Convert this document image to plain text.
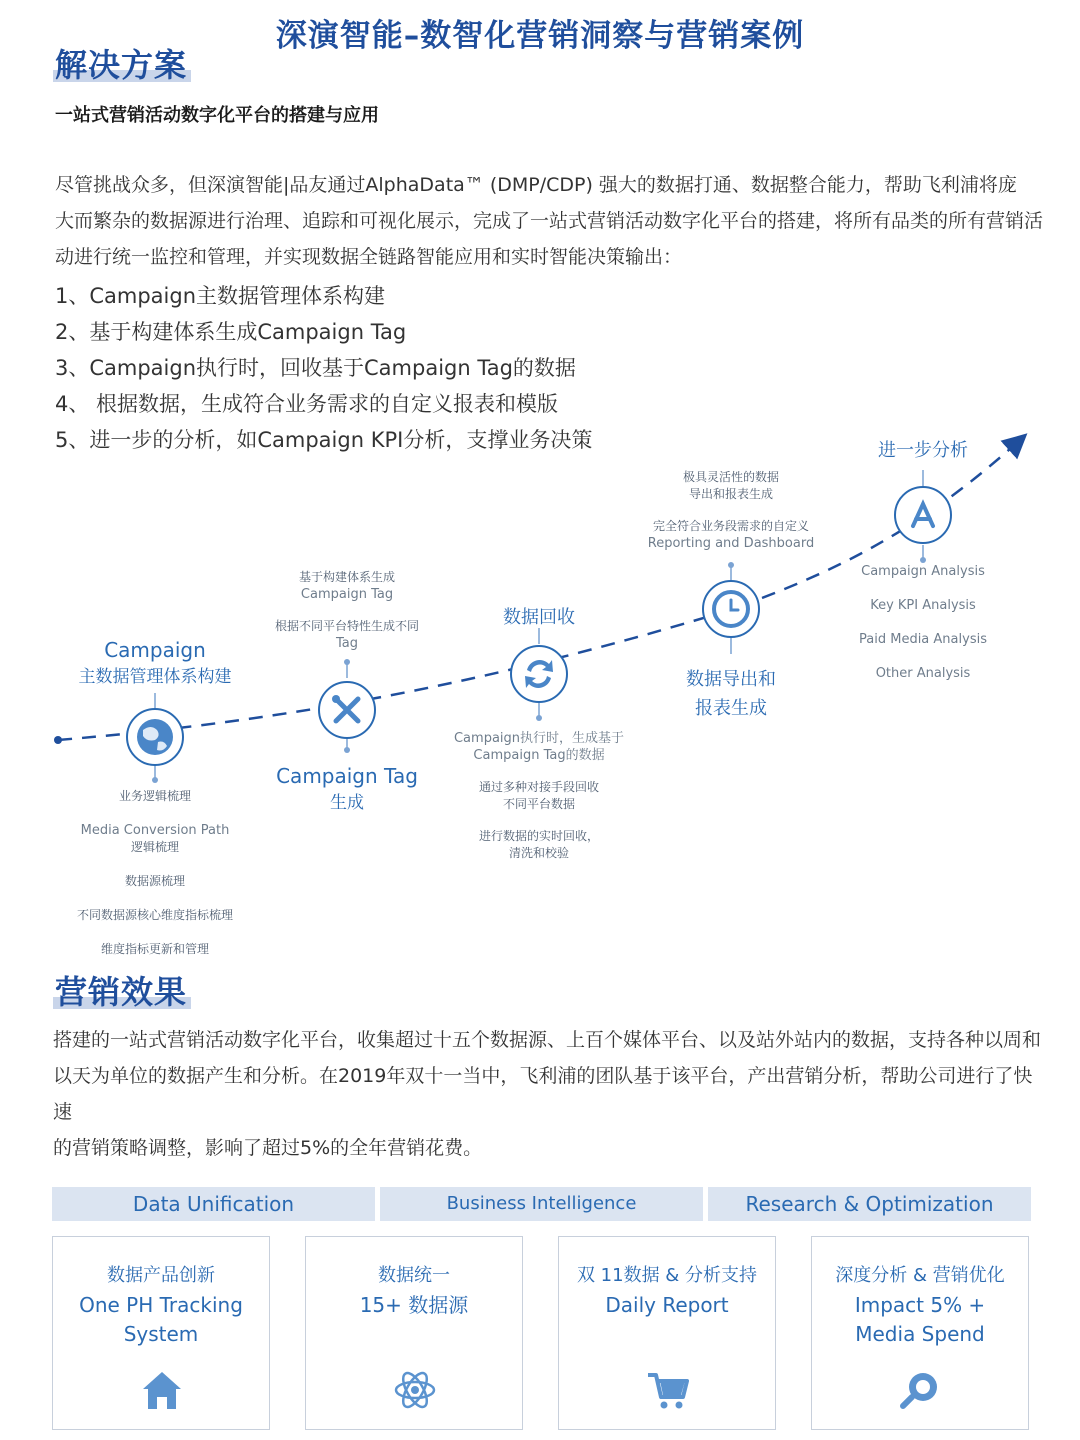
深演智能–数智化营销洞察与营销案例
解决方案
一站式营销活动数字化平台的搭建与应用
尽管挑战众多，但深演智能|品友通过AlphaData™ (DMP/CDP) 强大的数据打通、数据整合能力，帮助飞利浦将庞
大而繁杂的数据源进行治理、追踪和可视化展示，完成了一站式营销活动数字化平台的搭建，将所有品类的所有营销活
动进行统一监控和管理，并实现数据全链路智能应用和实时智能决策输出：
1、Campaign主数据管理体系构建
2、基于构建体系生成Campaign Tag
3、Campaign执行时，回收基于Campaign Tag的数据
4、 根据数据，生成符合业务需求的自定义报表和模版
5、进一步的分析，如Campaign KPI分析，支撑业务决策
Campaign
主数据管理体系构建
业务逻辑梳理
Media Conversion Path
逻辑梳理
数据源梳理
不同数据源核心维度指标梳理
维度指标更新和管理
基于构建体系生成
Campaign Tag
根据不同平台特性生成不同
Tag
Campaign Tag
生成
数据回收
Campaign执行时，生成基于
Campaign Tag的数据
通过多种对接手段回收
不同平台数据
进行数据的实时回收，
清洗和校验
极具灵活性的数据
导出和报表生成
完全符合业务段需求的自定义
Reporting and Dashboard
数据导出和
报表生成
进一步分析
Campaign Analysis
Key KPI Analysis
Paid Media Analysis
Other Analysis
营销效果
搭建的一站式营销活动数字化平台，收集超过十五个数据源、上百个媒体平台、以及站外站内的数据，支持各种以周和
以天为单位的数据产生和分析。在2019年双十一当中，飞利浦的团队基于该平台，产出营销分析，帮助公司进行了快速
的营销策略调整，影响了超过5%的全年营销花费。
Data Unification	Business Intelligence	Research & Optimization
数据产品创新
One PH Tracking
System
数据统一
15+ 数据源
双 11数据 & 分析支持
Daily Report
深度分析 & 营销优化
Impact 5% +
Media Spend
